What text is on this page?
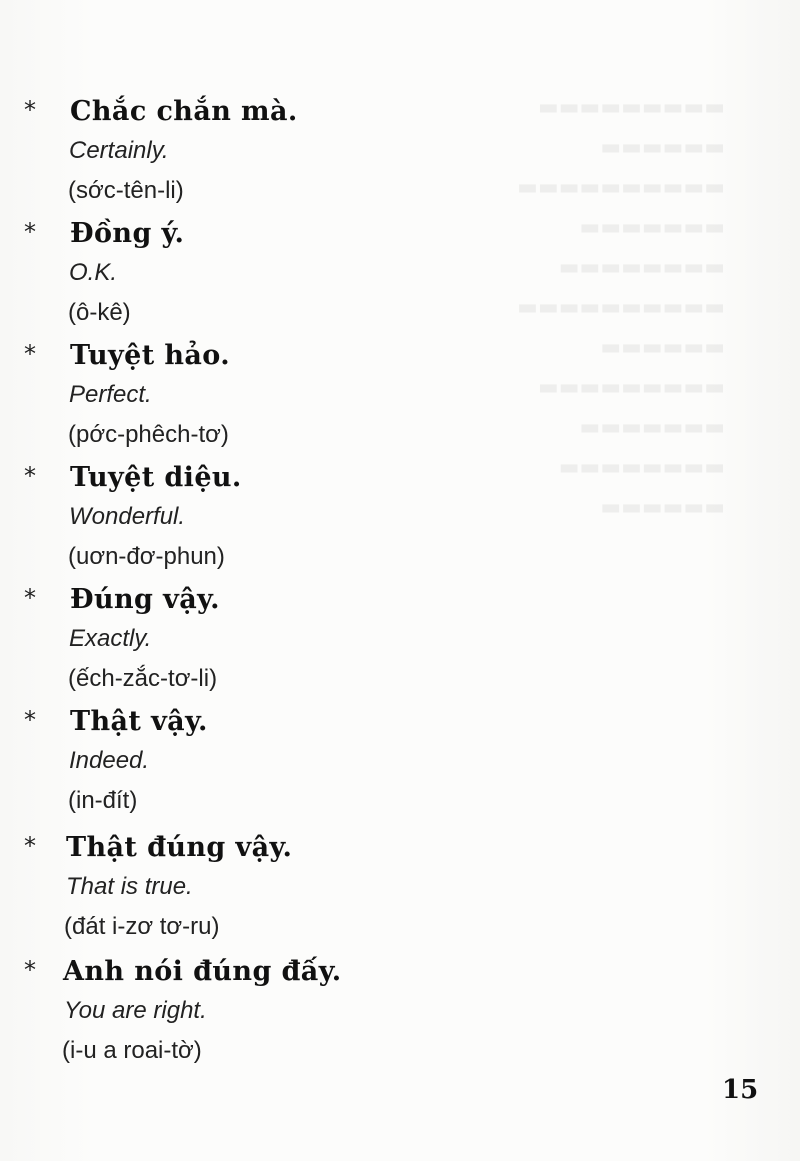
▬▬▬▬▬▬▬▬▬
▬▬▬▬▬▬
▬▬▬▬▬▬▬▬▬▬
▬▬▬▬▬▬▬
▬▬▬▬▬▬▬▬
▬▬▬▬▬▬▬▬▬▬
▬▬▬▬▬▬
▬▬▬▬▬▬▬▬▬
▬▬▬▬▬▬▬
▬▬▬▬▬▬▬▬
▬▬▬▬▬▬
* Chắc chắn mà.
Certainly.
(sớc-tên-li)
* Đồng ý.
O.K.
(ô-kê)
* Tuyệt hảo.
Perfect.
(pớc-phêch-tơ)
* Tuyệt diệu.
Wonderful.
(uơn-đơ-phun)
* Đúng vậy.
Exactly.
(ếch-zắc-tơ-li)
* Thật vậy.
Indeed.
(in-đít)
* Thật đúng vậy.
That is true.
(đát i-zơ tơ-ru)
* Anh nói đúng đấy.
You are right.
(i-u a roai-tờ)
15
